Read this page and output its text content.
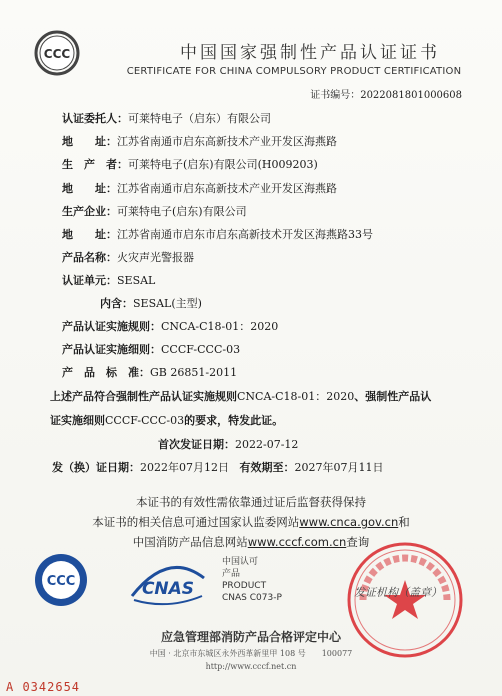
CCC	中国国家强制性产品认证证书
CERTIFICATE FOR CHINA COMPULSORY PRODUCT CERTIFICATION
证书编号：2022081801000608
认证委托人：可莱特电子（启东）有限公司
地　　址：江苏省南通市启东高新技术产业开发区海燕路
生　产　者：可莱特电子(启东)有限公司(H009203)
地　　址：江苏省南通市启东高新技术产业开发区海燕路
生产企业：可莱特电子(启东)有限公司
地　　址：江苏省南通市启东市启东高新技术开发区海燕路33号
产品名称：火灾声光警报器
认证单元：SESAL
内含：SESAL(主型)
产品认证实施规则：CNCA-C18-01：2020
产品认证实施细则：CCCF-CCC-03
产　品　标　准：GB 26851-2011
上述产品符合强制性产品认证实施规则CNCA-C18-01：2020、强制性产品认
证实施细则CCCF-CCC-03的要求，特发此证。
首次发证日期：2022-07-12
发（换）证日期：2022年07月12日 有效期至：2027年07月11日
本证书的有效性需依靠通过证后监督获得保持
本证书的相关信息可通过国家认监委网站www.cnca.gov.cn和
中国消防产品信息网站www.cccf.com.cn查询
CCC	CNAS
中国认可
产品
PRODUCT
CNAS C073-P	发证机构（盖章）
应急管理部消防产品合格评定中心
中国 · 北京市东城区永外西革新里甲 108 号　　100077
http://www.cccf.net.cn
A 0342654
